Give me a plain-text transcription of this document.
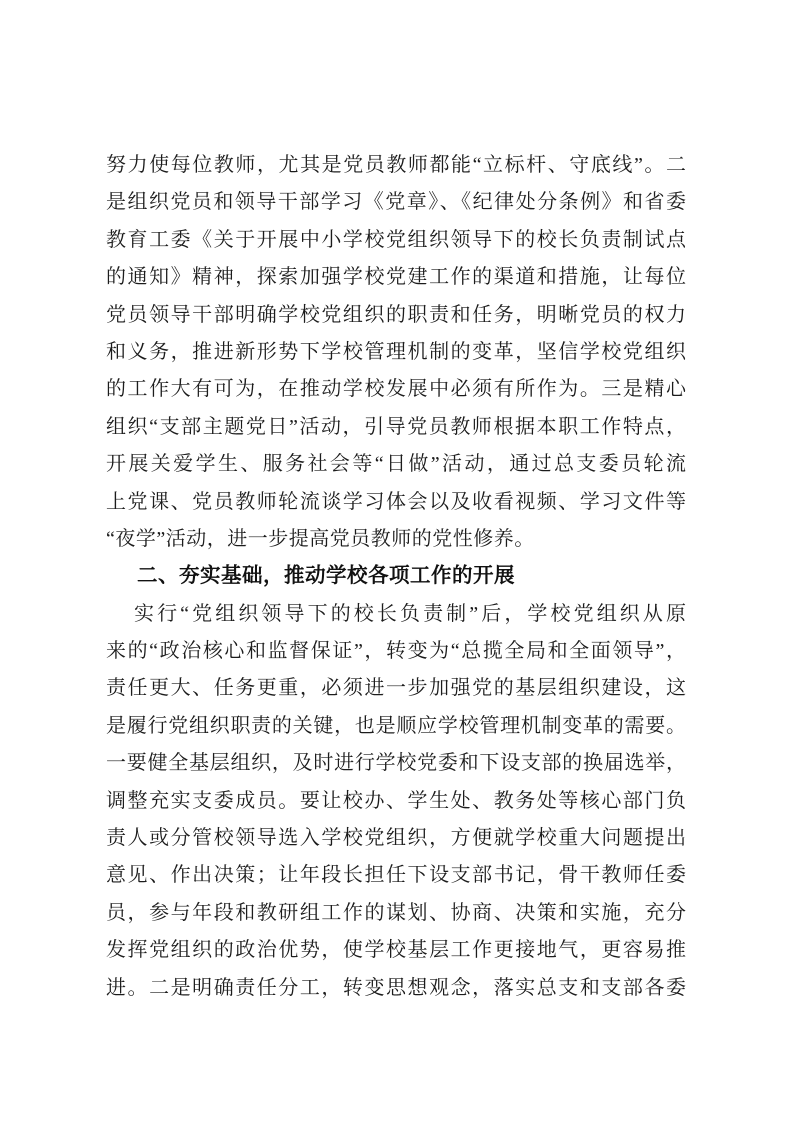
努力使每位教师，尤其是党员教师都能“立标杆、守底线”。二
是组织党员和领导干部学习《党章》、《纪律处分条例》和省委
教育工委《关于开展中小学校党组织领导下的校长负责制试点
的通知》精神，探索加强学校党建工作的渠道和措施，让每位
党员领导干部明确学校党组织的职责和任务，明晰党员的权力
和义务，推进新形势下学校管理机制的变革，坚信学校党组织
的工作大有可为，在推动学校发展中必须有所作为。三是精心
组织“支部主题党日”活动，引导党员教师根据本职工作特点，
开展关爱学生、服务社会等“日做”活动，通过总支委员轮流
上党课、党员教师轮流谈学习体会以及收看视频、学习文件等
“夜学”活动，进一步提高党员教师的党性修养。
二、夯实基础，推动学校各项工作的开展
实行“党组织领导下的校长负责制”后，学校党组织从原
来的“政治核心和监督保证”，转变为“总揽全局和全面领导”，
责任更大、任务更重，必须进一步加强党的基层组织建设，这
是履行党组织职责的关键，也是顺应学校管理机制变革的需要。
一要健全基层组织，及时进行学校党委和下设支部的换届选举，
调整充实支委成员。要让校办、学生处、教务处等核心部门负
责人或分管校领导选入学校党组织，方便就学校重大问题提出
意见、作出决策；让年段长担任下设支部书记，骨干教师任委
员，参与年段和教研组工作的谋划、协商、决策和实施，充分
发挥党组织的政治优势，使学校基层工作更接地气，更容易推
进。二是明确责任分工，转变思想观念，落实总支和支部各委
